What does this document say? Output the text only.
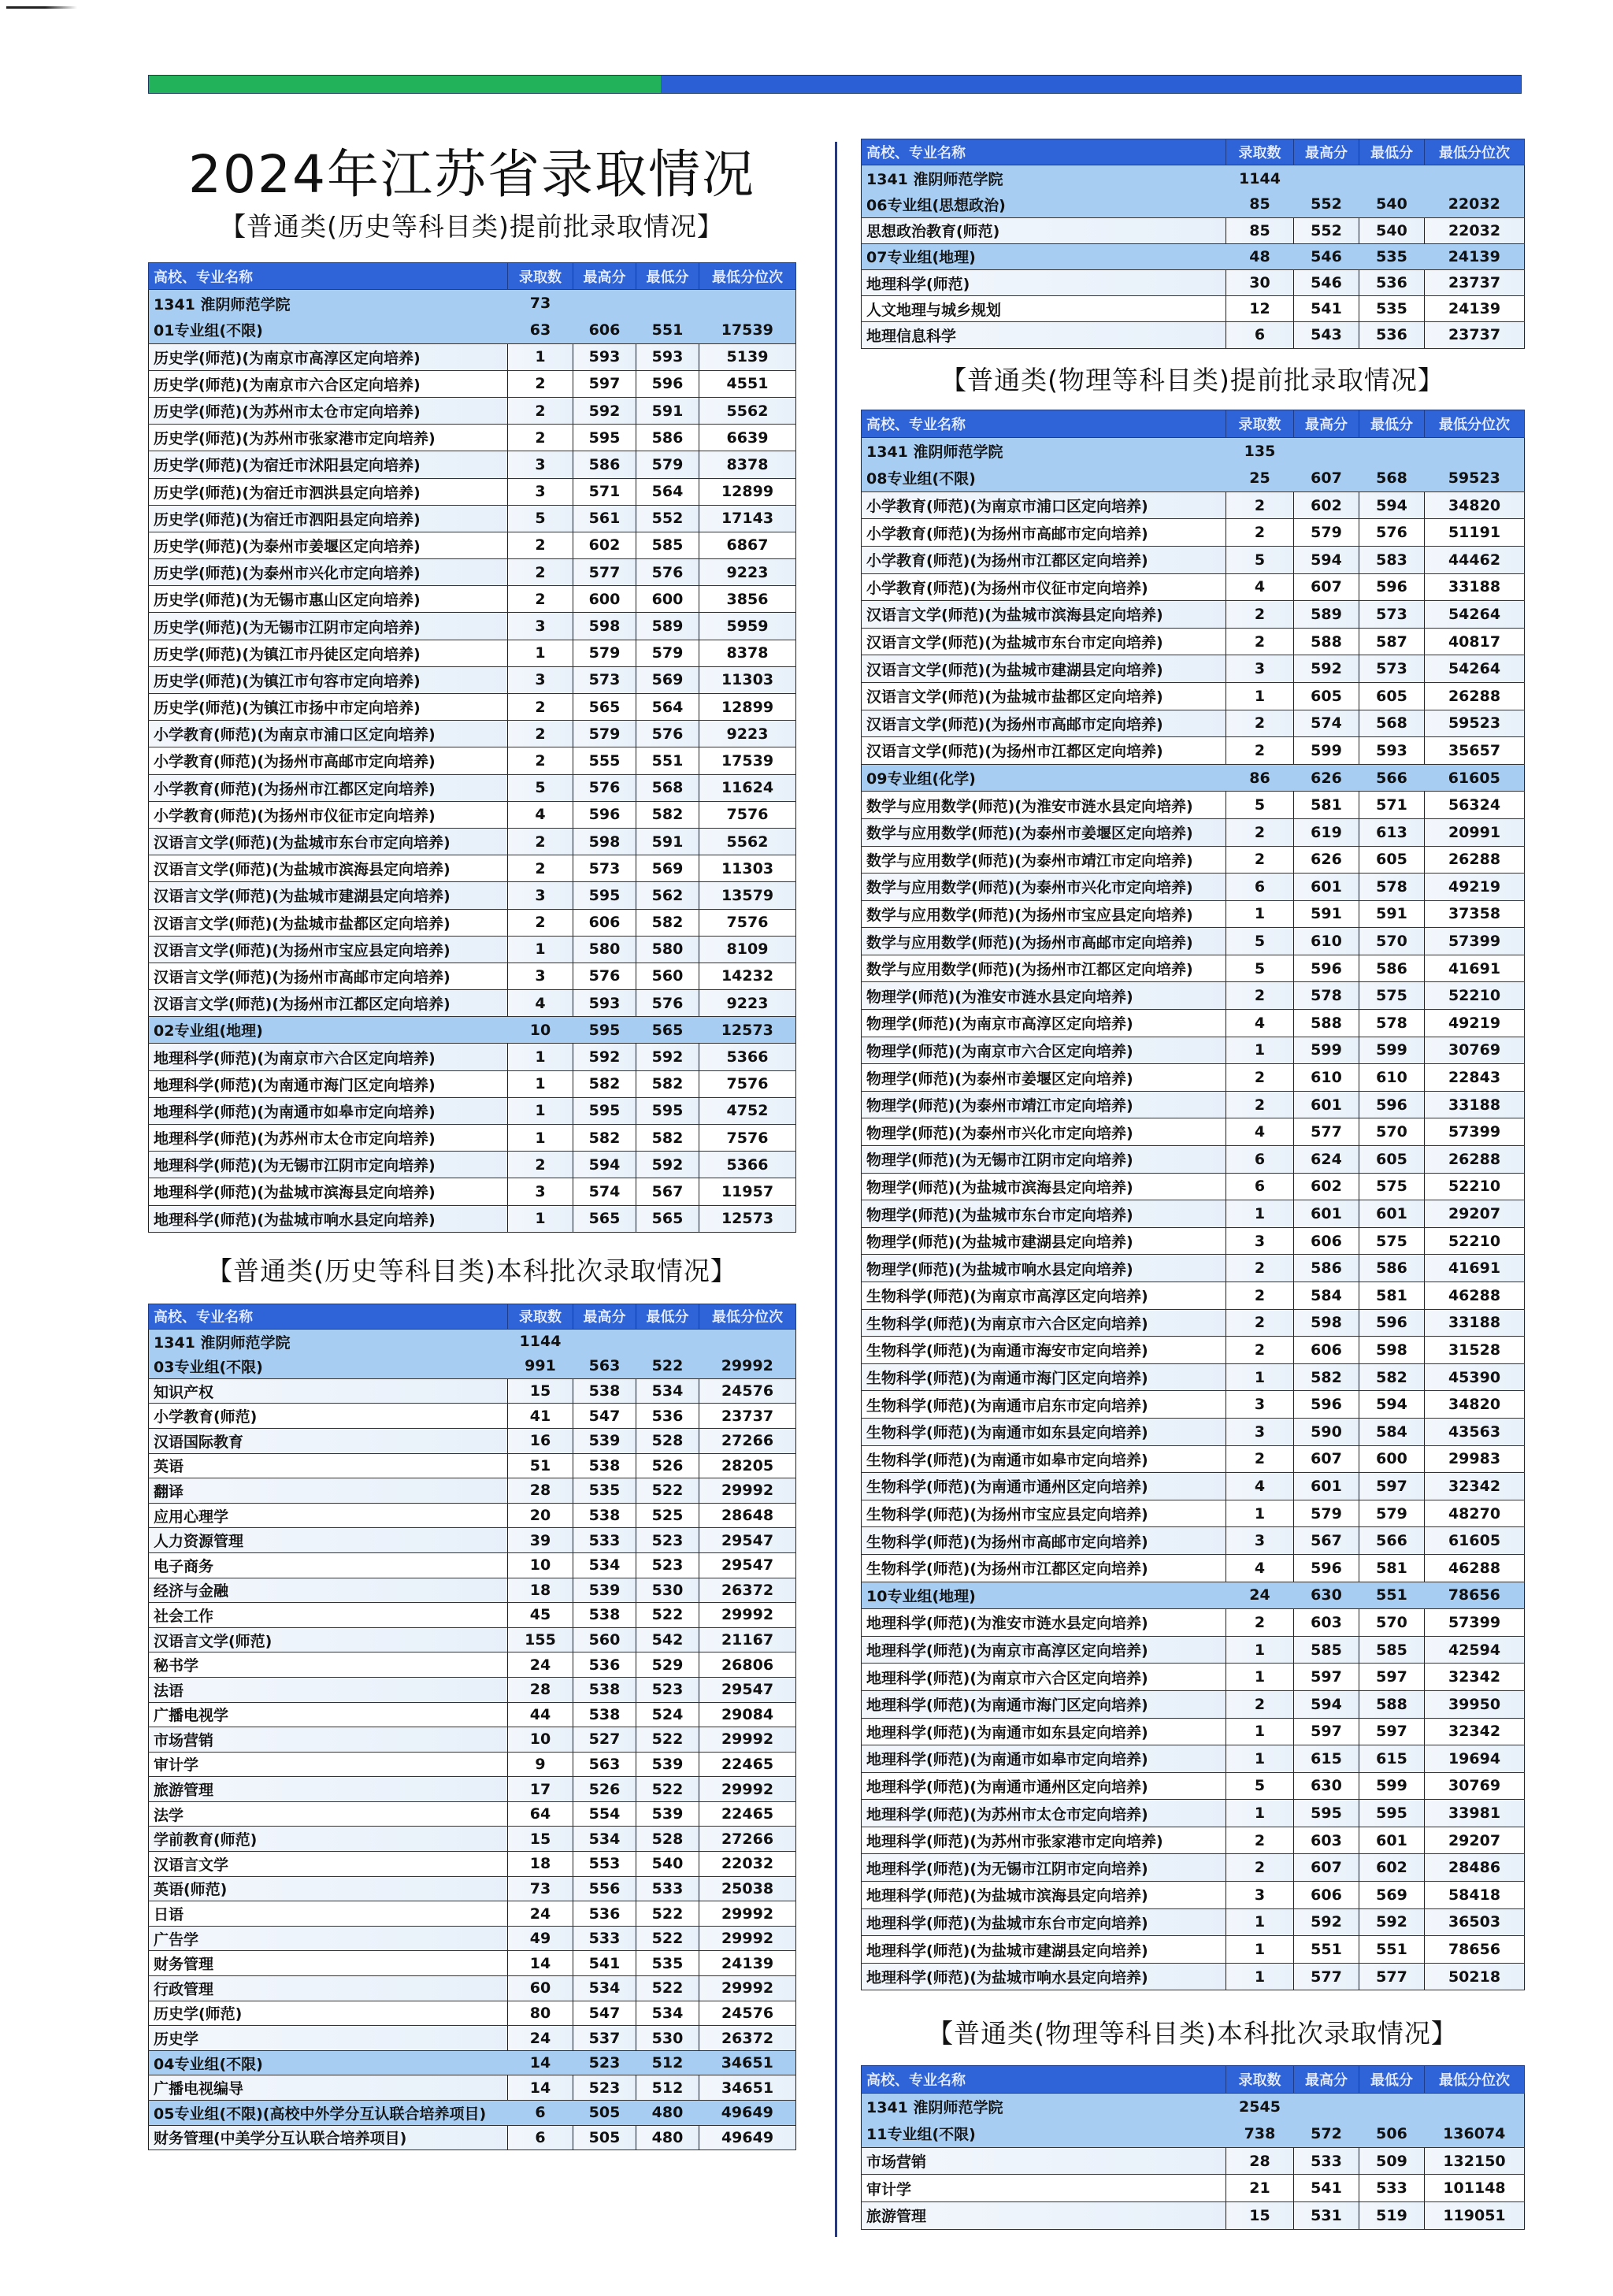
2024年江苏省录取情况
【普通类(历史等科目类)提前批录取情况】
高校、专业名称	录取数	最高分	最低分	最低分位次
1341 淮阴师范学院	73			
01专业组(不限)	63	606	551	17539
历史学(师范)(为南京市高淳区定向培养)	1	593	593	5139
历史学(师范)(为南京市六合区定向培养)	2	597	596	4551
历史学(师范)(为苏州市太仓市定向培养)	2	592	591	5562
历史学(师范)(为苏州市张家港市定向培养)	2	595	586	6639
历史学(师范)(为宿迁市沭阳县定向培养)	3	586	579	8378
历史学(师范)(为宿迁市泗洪县定向培养)	3	571	564	12899
历史学(师范)(为宿迁市泗阳县定向培养)	5	561	552	17143
历史学(师范)(为泰州市姜堰区定向培养)	2	602	585	6867
历史学(师范)(为泰州市兴化市定向培养)	2	577	576	9223
历史学(师范)(为无锡市惠山区定向培养)	2	600	600	3856
历史学(师范)(为无锡市江阴市定向培养)	3	598	589	5959
历史学(师范)(为镇江市丹徒区定向培养)	1	579	579	8378
历史学(师范)(为镇江市句容市定向培养)	3	573	569	11303
历史学(师范)(为镇江市扬中市定向培养)	2	565	564	12899
小学教育(师范)(为南京市浦口区定向培养)	2	579	576	9223
小学教育(师范)(为扬州市高邮市定向培养)	2	555	551	17539
小学教育(师范)(为扬州市江都区定向培养)	5	576	568	11624
小学教育(师范)(为扬州市仪征市定向培养)	4	596	582	7576
汉语言文学(师范)(为盐城市东台市定向培养)	2	598	591	5562
汉语言文学(师范)(为盐城市滨海县定向培养)	2	573	569	11303
汉语言文学(师范)(为盐城市建湖县定向培养)	3	595	562	13579
汉语言文学(师范)(为盐城市盐都区定向培养)	2	606	582	7576
汉语言文学(师范)(为扬州市宝应县定向培养)	1	580	580	8109
汉语言文学(师范)(为扬州市高邮市定向培养)	3	576	560	14232
汉语言文学(师范)(为扬州市江都区定向培养)	4	593	576	9223
02专业组(地理)	10	595	565	12573
地理科学(师范)(为南京市六合区定向培养)	1	592	592	5366
地理科学(师范)(为南通市海门区定向培养)	1	582	582	7576
地理科学(师范)(为南通市如皋市定向培养)	1	595	595	4752
地理科学(师范)(为苏州市太仓市定向培养)	1	582	582	7576
地理科学(师范)(为无锡市江阴市定向培养)	2	594	592	5366
地理科学(师范)(为盐城市滨海县定向培养)	3	574	567	11957
地理科学(师范)(为盐城市响水县定向培养)	1	565	565	12573
【普通类(历史等科目类)本科批次录取情况】
高校、专业名称	录取数	最高分	最低分	最低分位次
1341 淮阴师范学院	1144			
03专业组(不限)	991	563	522	29992
知识产权	15	538	534	24576
小学教育(师范)	41	547	536	23737
汉语国际教育	16	539	528	27266
英语	51	538	526	28205
翻译	28	535	522	29992
应用心理学	20	538	525	28648
人力资源管理	39	533	523	29547
电子商务	10	534	523	29547
经济与金融	18	539	530	26372
社会工作	45	538	522	29992
汉语言文学(师范)	155	560	542	21167
秘书学	24	536	529	26806
法语	28	538	523	29547
广播电视学	44	538	524	29084
市场营销	10	527	522	29992
审计学	9	563	539	22465
旅游管理	17	526	522	29992
法学	64	554	539	22465
学前教育(师范)	15	534	528	27266
汉语言文学	18	553	540	22032
英语(师范)	73	556	533	25038
日语	24	536	522	29992
广告学	49	533	522	29992
财务管理	14	541	535	24139
行政管理	60	534	522	29992
历史学(师范)	80	547	534	24576
历史学	24	537	530	26372
04专业组(不限)	14	523	512	34651
广播电视编导	14	523	512	34651
05专业组(不限)(高校中外学分互认联合培养项目)	6	505	480	49649
财务管理(中美学分互认联合培养项目)	6	505	480	49649
高校、专业名称	录取数	最高分	最低分	最低分位次
1341 淮阴师范学院	1144			
06专业组(思想政治)	85	552	540	22032
思想政治教育(师范)	85	552	540	22032
07专业组(地理)	48	546	535	24139
地理科学(师范)	30	546	536	23737
人文地理与城乡规划	12	541	535	24139
地理信息科学	6	543	536	23737
【普通类(物理等科目类)提前批录取情况】
高校、专业名称	录取数	最高分	最低分	最低分位次
1341 淮阴师范学院	135			
08专业组(不限)	25	607	568	59523
小学教育(师范)(为南京市浦口区定向培养)	2	602	594	34820
小学教育(师范)(为扬州市高邮市定向培养)	2	579	576	51191
小学教育(师范)(为扬州市江都区定向培养)	5	594	583	44462
小学教育(师范)(为扬州市仪征市定向培养)	4	607	596	33188
汉语言文学(师范)(为盐城市滨海县定向培养)	2	589	573	54264
汉语言文学(师范)(为盐城市东台市定向培养)	2	588	587	40817
汉语言文学(师范)(为盐城市建湖县定向培养)	3	592	573	54264
汉语言文学(师范)(为盐城市盐都区定向培养)	1	605	605	26288
汉语言文学(师范)(为扬州市高邮市定向培养)	2	574	568	59523
汉语言文学(师范)(为扬州市江都区定向培养)	2	599	593	35657
09专业组(化学)	86	626	566	61605
数学与应用数学(师范)(为淮安市涟水县定向培养)	5	581	571	56324
数学与应用数学(师范)(为泰州市姜堰区定向培养)	2	619	613	20991
数学与应用数学(师范)(为泰州市靖江市定向培养)	2	626	605	26288
数学与应用数学(师范)(为泰州市兴化市定向培养)	6	601	578	49219
数学与应用数学(师范)(为扬州市宝应县定向培养)	1	591	591	37358
数学与应用数学(师范)(为扬州市高邮市定向培养)	5	610	570	57399
数学与应用数学(师范)(为扬州市江都区定向培养)	5	596	586	41691
物理学(师范)(为淮安市涟水县定向培养)	2	578	575	52210
物理学(师范)(为南京市高淳区定向培养)	4	588	578	49219
物理学(师范)(为南京市六合区定向培养)	1	599	599	30769
物理学(师范)(为泰州市姜堰区定向培养)	2	610	610	22843
物理学(师范)(为泰州市靖江市定向培养)	2	601	596	33188
物理学(师范)(为泰州市兴化市定向培养)	4	577	570	57399
物理学(师范)(为无锡市江阴市定向培养)	6	624	605	26288
物理学(师范)(为盐城市滨海县定向培养)	6	602	575	52210
物理学(师范)(为盐城市东台市定向培养)	1	601	601	29207
物理学(师范)(为盐城市建湖县定向培养)	3	606	575	52210
物理学(师范)(为盐城市响水县定向培养)	2	586	586	41691
生物科学(师范)(为南京市高淳区定向培养)	2	584	581	46288
生物科学(师范)(为南京市六合区定向培养)	2	598	596	33188
生物科学(师范)(为南通市海安市定向培养)	2	606	598	31528
生物科学(师范)(为南通市海门区定向培养)	1	582	582	45390
生物科学(师范)(为南通市启东市定向培养)	3	596	594	34820
生物科学(师范)(为南通市如东县定向培养)	3	590	584	43563
生物科学(师范)(为南通市如皋市定向培养)	2	607	600	29983
生物科学(师范)(为南通市通州区定向培养)	4	601	597	32342
生物科学(师范)(为扬州市宝应县定向培养)	1	579	579	48270
生物科学(师范)(为扬州市高邮市定向培养)	3	567	566	61605
生物科学(师范)(为扬州市江都区定向培养)	4	596	581	46288
10专业组(地理)	24	630	551	78656
地理科学(师范)(为淮安市涟水县定向培养)	2	603	570	57399
地理科学(师范)(为南京市高淳区定向培养)	1	585	585	42594
地理科学(师范)(为南京市六合区定向培养)	1	597	597	32342
地理科学(师范)(为南通市海门区定向培养)	2	594	588	39950
地理科学(师范)(为南通市如东县定向培养)	1	597	597	32342
地理科学(师范)(为南通市如皋市定向培养)	1	615	615	19694
地理科学(师范)(为南通市通州区定向培养)	5	630	599	30769
地理科学(师范)(为苏州市太仓市定向培养)	1	595	595	33981
地理科学(师范)(为苏州市张家港市定向培养)	2	603	601	29207
地理科学(师范)(为无锡市江阴市定向培养)	2	607	602	28486
地理科学(师范)(为盐城市滨海县定向培养)	3	606	569	58418
地理科学(师范)(为盐城市东台市定向培养)	1	592	592	36503
地理科学(师范)(为盐城市建湖县定向培养)	1	551	551	78656
地理科学(师范)(为盐城市响水县定向培养)	1	577	577	50218
【普通类(物理等科目类)本科批次录取情况】
高校、专业名称	录取数	最高分	最低分	最低分位次
1341 淮阴师范学院	2545			
11专业组(不限)	738	572	506	136074
市场营销	28	533	509	132150
审计学	21	541	533	101148
旅游管理	15	531	519	119051
